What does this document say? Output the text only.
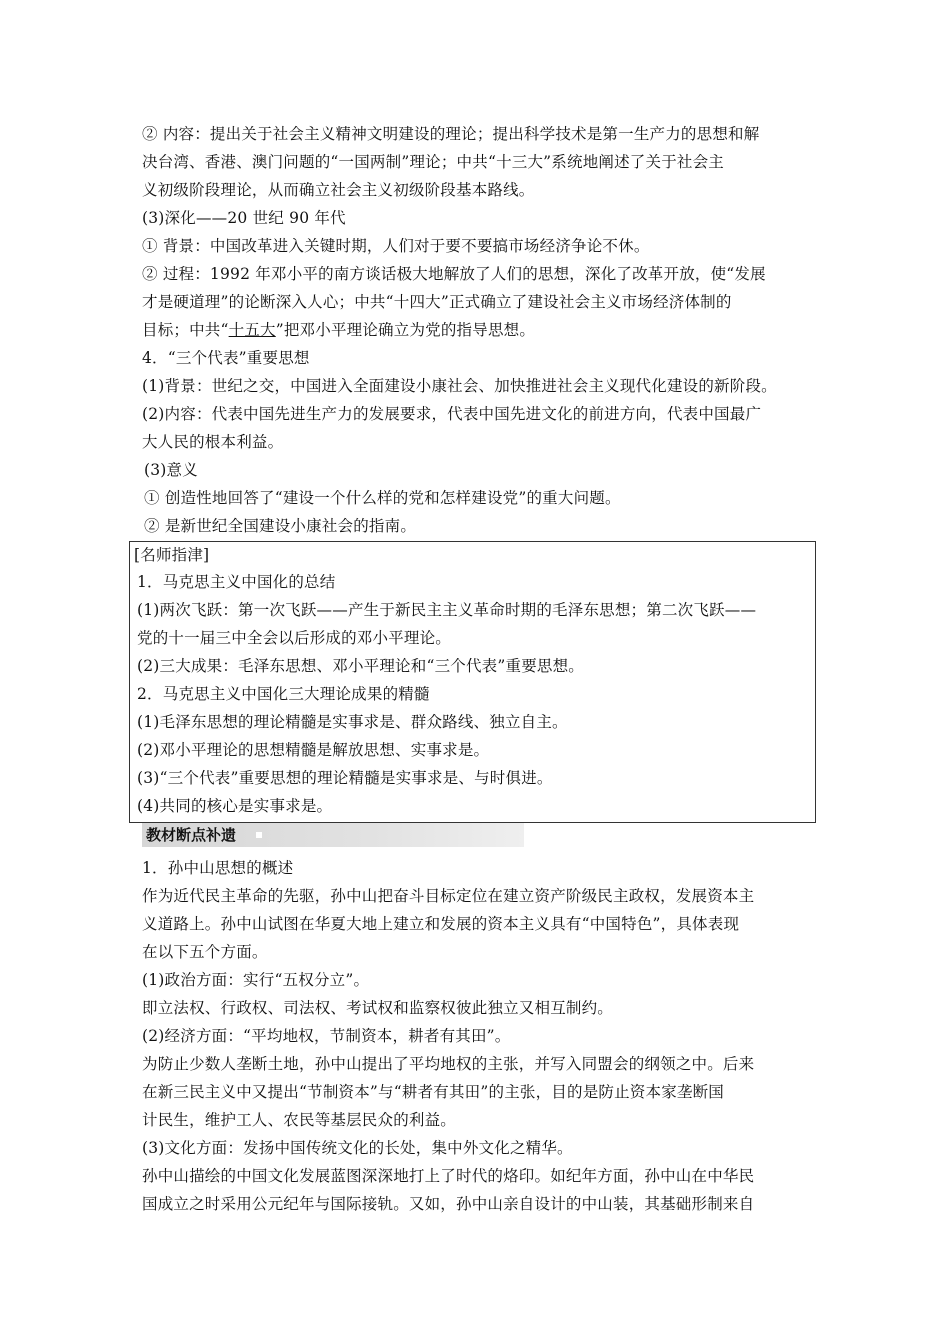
② 内容：提出关于社会主义精神文明建设的理论；提出科学技术是第一生产力的思想和解
决台湾、香港、澳门问题的“一国两制”理论；中共“十三大”系统地阐述了关于社会主
义初级阶段理论，从而确立社会主义初级阶段基本路线。
(3)深化——20 世纪 90 年代
① 背景：中国改革进入关键时期，人们对于要不要搞市场经济争论不休。
② 过程：1992 年邓小平的南方谈话极大地解放了人们的思想，深化了改革开放，使“发展
才是硬道理”的论断深入人心；中共“十四大”正式确立了建设社会主义市场经济体制的
目标；中共“十五大”把邓小平理论确立为党的指导思想。
4．“三个代表”重要思想
(1)背景：世纪之交，中国进入全面建设小康社会、加快推进社会主义现代化建设的新阶段。
(2)内容：代表中国先进生产力的发展要求，代表中国先进文化的前进方向，代表中国最广
大人民的根本利益。
(3)意义
① 创造性地回答了“建设一个什么样的党和怎样建设党”的重大问题。
② 是新世纪全国建设小康社会的指南。
[名师指津]
1．马克思主义中国化的总结
(1)两次飞跃：第一次飞跃——产生于新民主主义革命时期的毛泽东思想；第二次飞跃——
党的十一届三中全会以后形成的邓小平理论。
(2)三大成果：毛泽东思想、邓小平理论和“三个代表”重要思想。
2．马克思主义中国化三大理论成果的精髓
(1)毛泽东思想的理论精髓是实事求是、群众路线、独立自主。
(2)邓小平理论的思想精髓是解放思想、实事求是。
(3)“三个代表”重要思想的理论精髓是实事求是、与时俱进。
(4)共同的核心是实事求是。
教材断点补遗
1．孙中山思想的概述
作为近代民主革命的先驱，孙中山把奋斗目标定位在建立资产阶级民主政权，发展资本主
义道路上。孙中山试图在华夏大地上建立和发展的资本主义具有“中国特色”，具体表现
在以下五个方面。
(1)政治方面：实行“五权分立”。
即立法权、行政权、司法权、考试权和监察权彼此独立又相互制约。
(2)经济方面：“平均地权，节制资本，耕者有其田”。
为防止少数人垄断土地，孙中山提出了平均地权的主张，并写入同盟会的纲领之中。后来
在新三民主义中又提出“节制资本”与“耕者有其田”的主张，目的是防止资本家垄断国
计民生，维护工人、农民等基层民众的利益。
(3)文化方面：发扬中国传统文化的长处，集中外文化之精华。
孙中山描绘的中国文化发展蓝图深深地打上了时代的烙印。如纪年方面，孙中山在中华民
国成立之时采用公元纪年与国际接轨。又如，孙中山亲自设计的中山装，其基础形制来自
